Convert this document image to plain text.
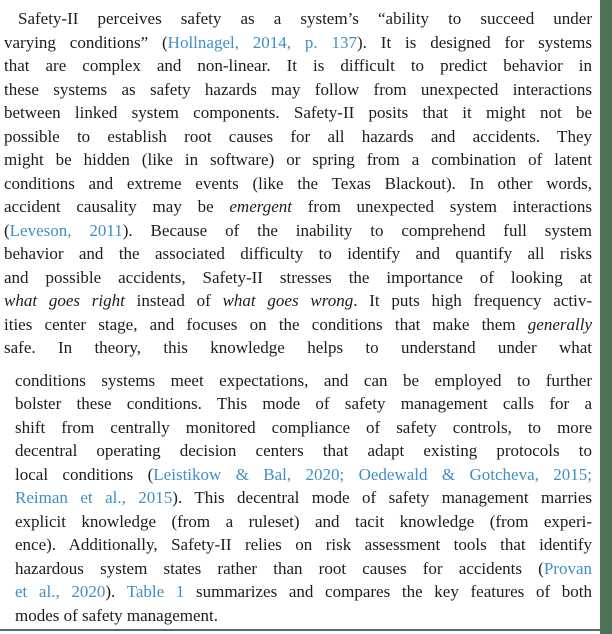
Safety-II perceives safety as a system’s “ability to succeed under
varying conditions” (Hollnagel, 2014, p. 137). It is designed for systems
that are complex and non-linear. It is difficult to predict behavior in
these systems as safety hazards may follow from unexpected interactions
between linked system components. Safety-II posits that it might not be
possible to establish root causes for all hazards and accidents. They
might be hidden (like in software) or spring from a combination of latent
conditions and extreme events (like the Texas Blackout). In other words,
accident causality may be emergent from unexpected system interactions
(Leveson, 2011). Because of the inability to comprehend full system
behavior and the associated difficulty to identify and quantify all risks
and possible accidents, Safety-II stresses the importance of looking at
what goes right instead of what goes wrong. It puts high frequency activ-
ities center stage, and focuses on the conditions that make them generally
safe. In theory, this knowledge helps to understand under what
conditions systems meet expectations, and can be employed to further
bolster these conditions. This mode of safety management calls for a
shift from centrally monitored compliance of safety controls, to more
decentral operating decision centers that adapt existing protocols to
local conditions (Leistikow & Bal, 2020; Oedewald & Gotcheva, 2015;
Reiman et al., 2015). This decentral mode of safety management marries
explicit knowledge (from a ruleset) and tacit knowledge (from experi-
ence). Additionally, Safety-II relies on risk assessment tools that identify
hazardous system states rather than root causes for accidents (Provan
et al., 2020). Table 1 summarizes and compares the key features of both
modes of safety management.
